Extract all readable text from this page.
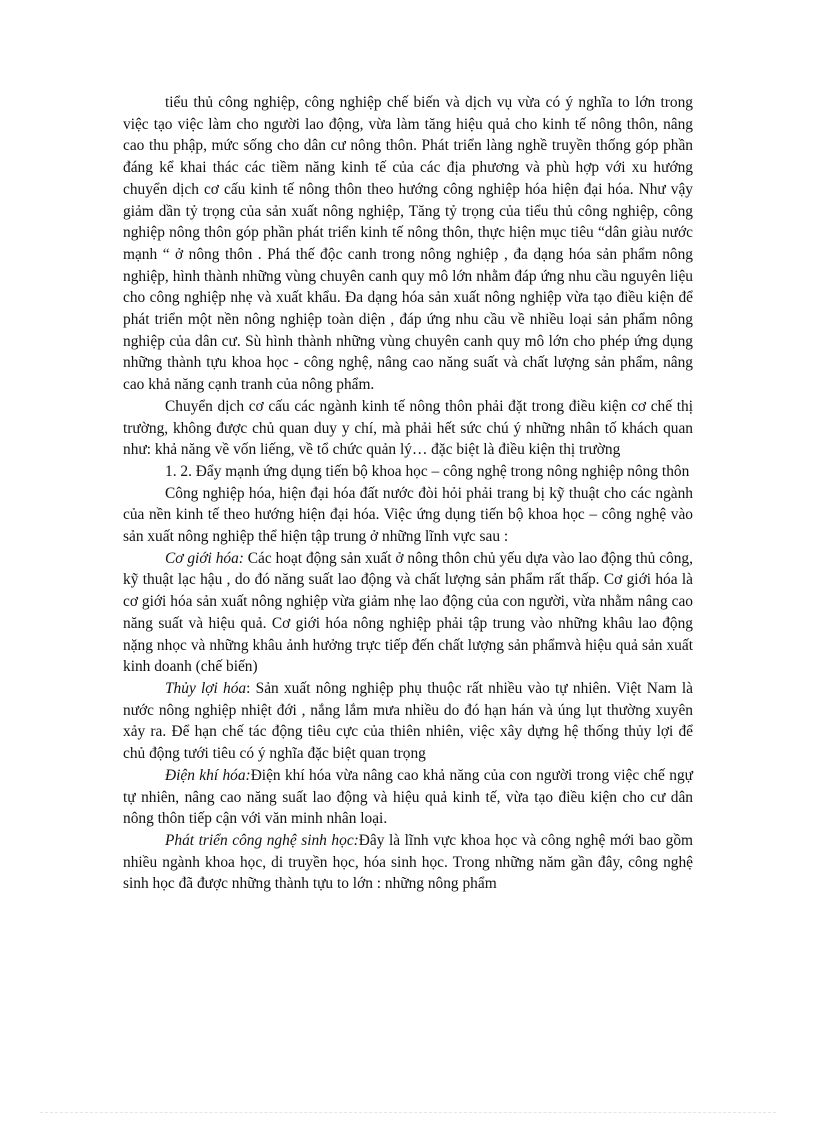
tiểu thủ công nghiệp, công nghiệp chế biến và dịch vụ vừa có ý nghĩa to lớn trong việc tạo việc làm cho người lao động, vừa làm tăng hiệu quả cho kinh tế nông thôn, nâng cao thu phập, mức sống cho dân cư nông thôn. Phát triển làng nghề truyền thống góp phần đáng kể khai thác các tiềm năng kinh tế của các địa phương và phù hợp với xu hướng chuyển dịch cơ cấu kinh tế nông thôn theo hướng công nghiệp hóa hiện đại hóa. Như vậy giảm dần tỷ trọng của sản xuất nông nghiệp, Tăng tỷ trọng của tiểu thủ công nghiệp, công nghiệp nông thôn góp phần phát triển kinh tế nông thôn, thực hiện mục tiêu “dân giàu nước mạnh “ ở nông thôn . Phá thế độc canh trong nông nghiệp , đa dạng hóa sản phẩm nông nghiệp, hình thành những vùng chuyên canh quy mô lớn nhằm đáp ứng nhu cầu nguyên liệu cho công nghiệp nhẹ và xuất khẩu. Đa dạng hóa sản xuất nông nghiệp vừa tạo điều kiện để phát triển một nền nông nghiệp toàn diện , đáp ứng nhu cầu về nhiều loại sản phẩm nông nghiệp của dân cư. Sù hình thành những vùng chuyên canh quy mô lớn cho phép ứng dụng những thành tựu khoa học - công nghệ, nâng cao năng suất và chất lượng sản phẩm, nâng cao khả năng cạnh tranh của nông phẩm.

Chuyển dịch cơ cấu các ngành kinh tế nông thôn phải đặt trong điều kiện cơ chế thị trường, không được chủ quan duy y chí, mà phải hết sức chú ý những nhân tố khách quan như: khả năng về vốn liếng, về tổ chức quản lý… đặc biệt là điều kiện thị trường

1. 2. Đẩy mạnh ứng dụng tiến bộ khoa học – công nghệ trong nông nghiệp nông thôn

Công nghiệp hóa, hiện đại hóa đất nước đòi hỏi phải trang bị kỹ thuật cho các ngành của nền kinh tế theo hướng hiện đại hóa. Việc ứng dụng tiến bộ khoa học – công nghệ vào sản xuất nông nghiệp thể hiện tập trung ở những lĩnh vực sau :

Cơ giới hóa: Các hoạt động sản xuất ở nông thôn chủ yếu dựa vào lao động thủ công, kỹ thuật lạc hậu , do đó năng suất lao động và chất lượng sản phẩm rất thấp. Cơ giới hóa là cơ giới hóa sản xuất nông nghiệp vừa giảm nhẹ lao động của con người, vừa nhằm nâng cao năng suất và hiệu quả. Cơ giới hóa nông nghiệp phải tập trung vào những khâu lao động nặng nhọc và những khâu ảnh hưởng trực tiếp đến chất lượng sản phẩmvà hiệu quả sản xuất kinh doanh (chế biến)

Thủy lợi hóa: Sản xuất nông nghiệp phụ thuộc rất nhiều vào tự nhiên. Việt Nam là nước nông nghiệp nhiệt đới , nắng lắm mưa nhiều do đó hạn hán và úng lụt thường xuyên xảy ra. Để hạn chế tác động tiêu cực của thiên nhiên, việc xây dựng hệ thống thủy lợi để chủ động tưới tiêu có ý nghĩa đặc biệt quan trọng

Điện khí hóa:Điện khí hóa vừa nâng cao khả năng của con người trong việc chế ngự tự nhiên, nâng cao năng suất lao động và hiệu quả kinh tế, vừa tạo điều kiện cho cư dân nông thôn tiếp cận với văn minh nhân loại.

Phát triển công nghệ sinh học:Đây là lĩnh vực khoa học và công nghệ mới bao gồm nhiều ngành khoa học, di truyền học, hóa sinh học. Trong những năm gần đây, công nghệ sinh học đã được những thành tựu to lớn : những nông phẩm
